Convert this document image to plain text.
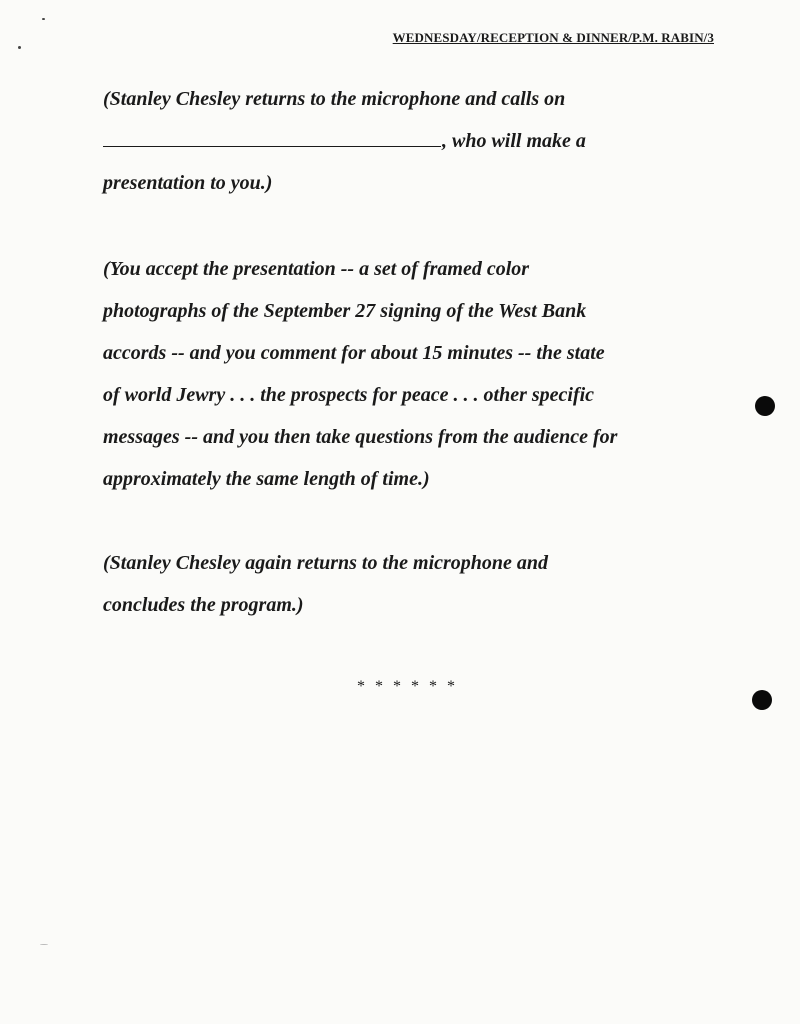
WEDNESDAY/RECEPTION & DINNER/P.M. RABIN/3
(Stanley Chesley returns to the microphone and calls on
, who will make a
presentation to you.)
(You accept the presentation -- a set of framed color
photographs of the September 27 signing of the West Bank
accords -- and you comment for about 15 minutes -- the state
of world Jewry . . . the prospects for peace . . . other specific
messages -- and you then take questions from the audience for
approximately the same length of time.)
(Stanley Chesley again returns to the microphone and
concludes the program.)
* * * * * *
